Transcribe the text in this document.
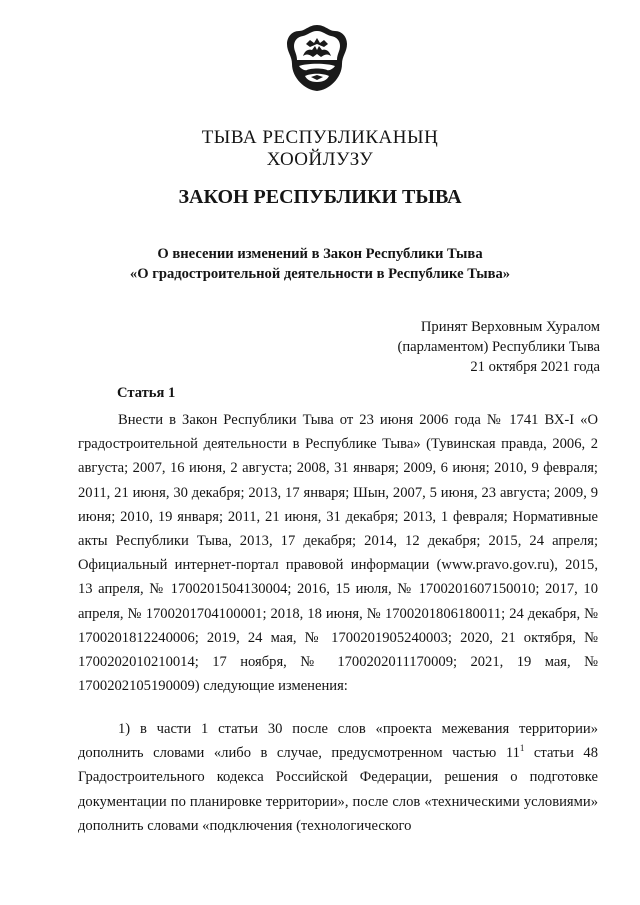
ТЫВА РЕСПУБЛИКАНЫҢ
ХООЙЛУЗУ
ЗАКОН РЕСПУБЛИКИ ТЫВА
О внесении изменений в Закон Республики Тыва
«О градостроительной деятельности в Республике Тыва»
Принят Верховным Хуралом
(парламентом) Республики Тыва
21 октября 2021 года
Статья 1

Внести в Закон Республики Тыва от 23 июня 2006 года № 1741 ВХ-I «О градостроительной деятельности в Республике Тыва» (Тувинская правда, 2006, 2 августа; 2007, 16 июня, 2 августа; 2008, 31 января; 2009, 6 июня; 2010, 9 февраля; 2011, 21 июня, 30 декабря; 2013, 17 января; Шын, 2007, 5 июня, 23 августа; 2009, 9 июня; 2010, 19 января; 2011, 21 июня, 31 декабря; 2013, 1 февраля; Нормативные акты Республики Тыва, 2013, 17 декабря; 2014, 12 декабря; 2015, 24 апреля; Официальный интернет-портал правовой информации (www.pravo.gov.ru), 2015, 13 апреля, № 1700201504130004; 2016, 15 июля, № 1700201607150010; 2017, 10 апреля, № 1700201704100001; 2018, 18 июня, № 1700201806180011; 24 декабря, № 1700201812240006; 2019, 24 мая, № 1700201905240003; 2020, 21 октября, № 1700202010210014; 17 ноября, № 1700202011170009; 2021, 19 мая, № 1700202105190009) следующие изменения:

1) в части 1 статьи 30 после слов «проекта межевания территории» дополнить словами «либо в случае, предусмотренном частью $11^1$ статьи 48 Градостроительного кодекса Российской Федерации, решения о подготовке документации по планировке территории», после слов «техническими условиями» дополнить словами «подключения (технологического
